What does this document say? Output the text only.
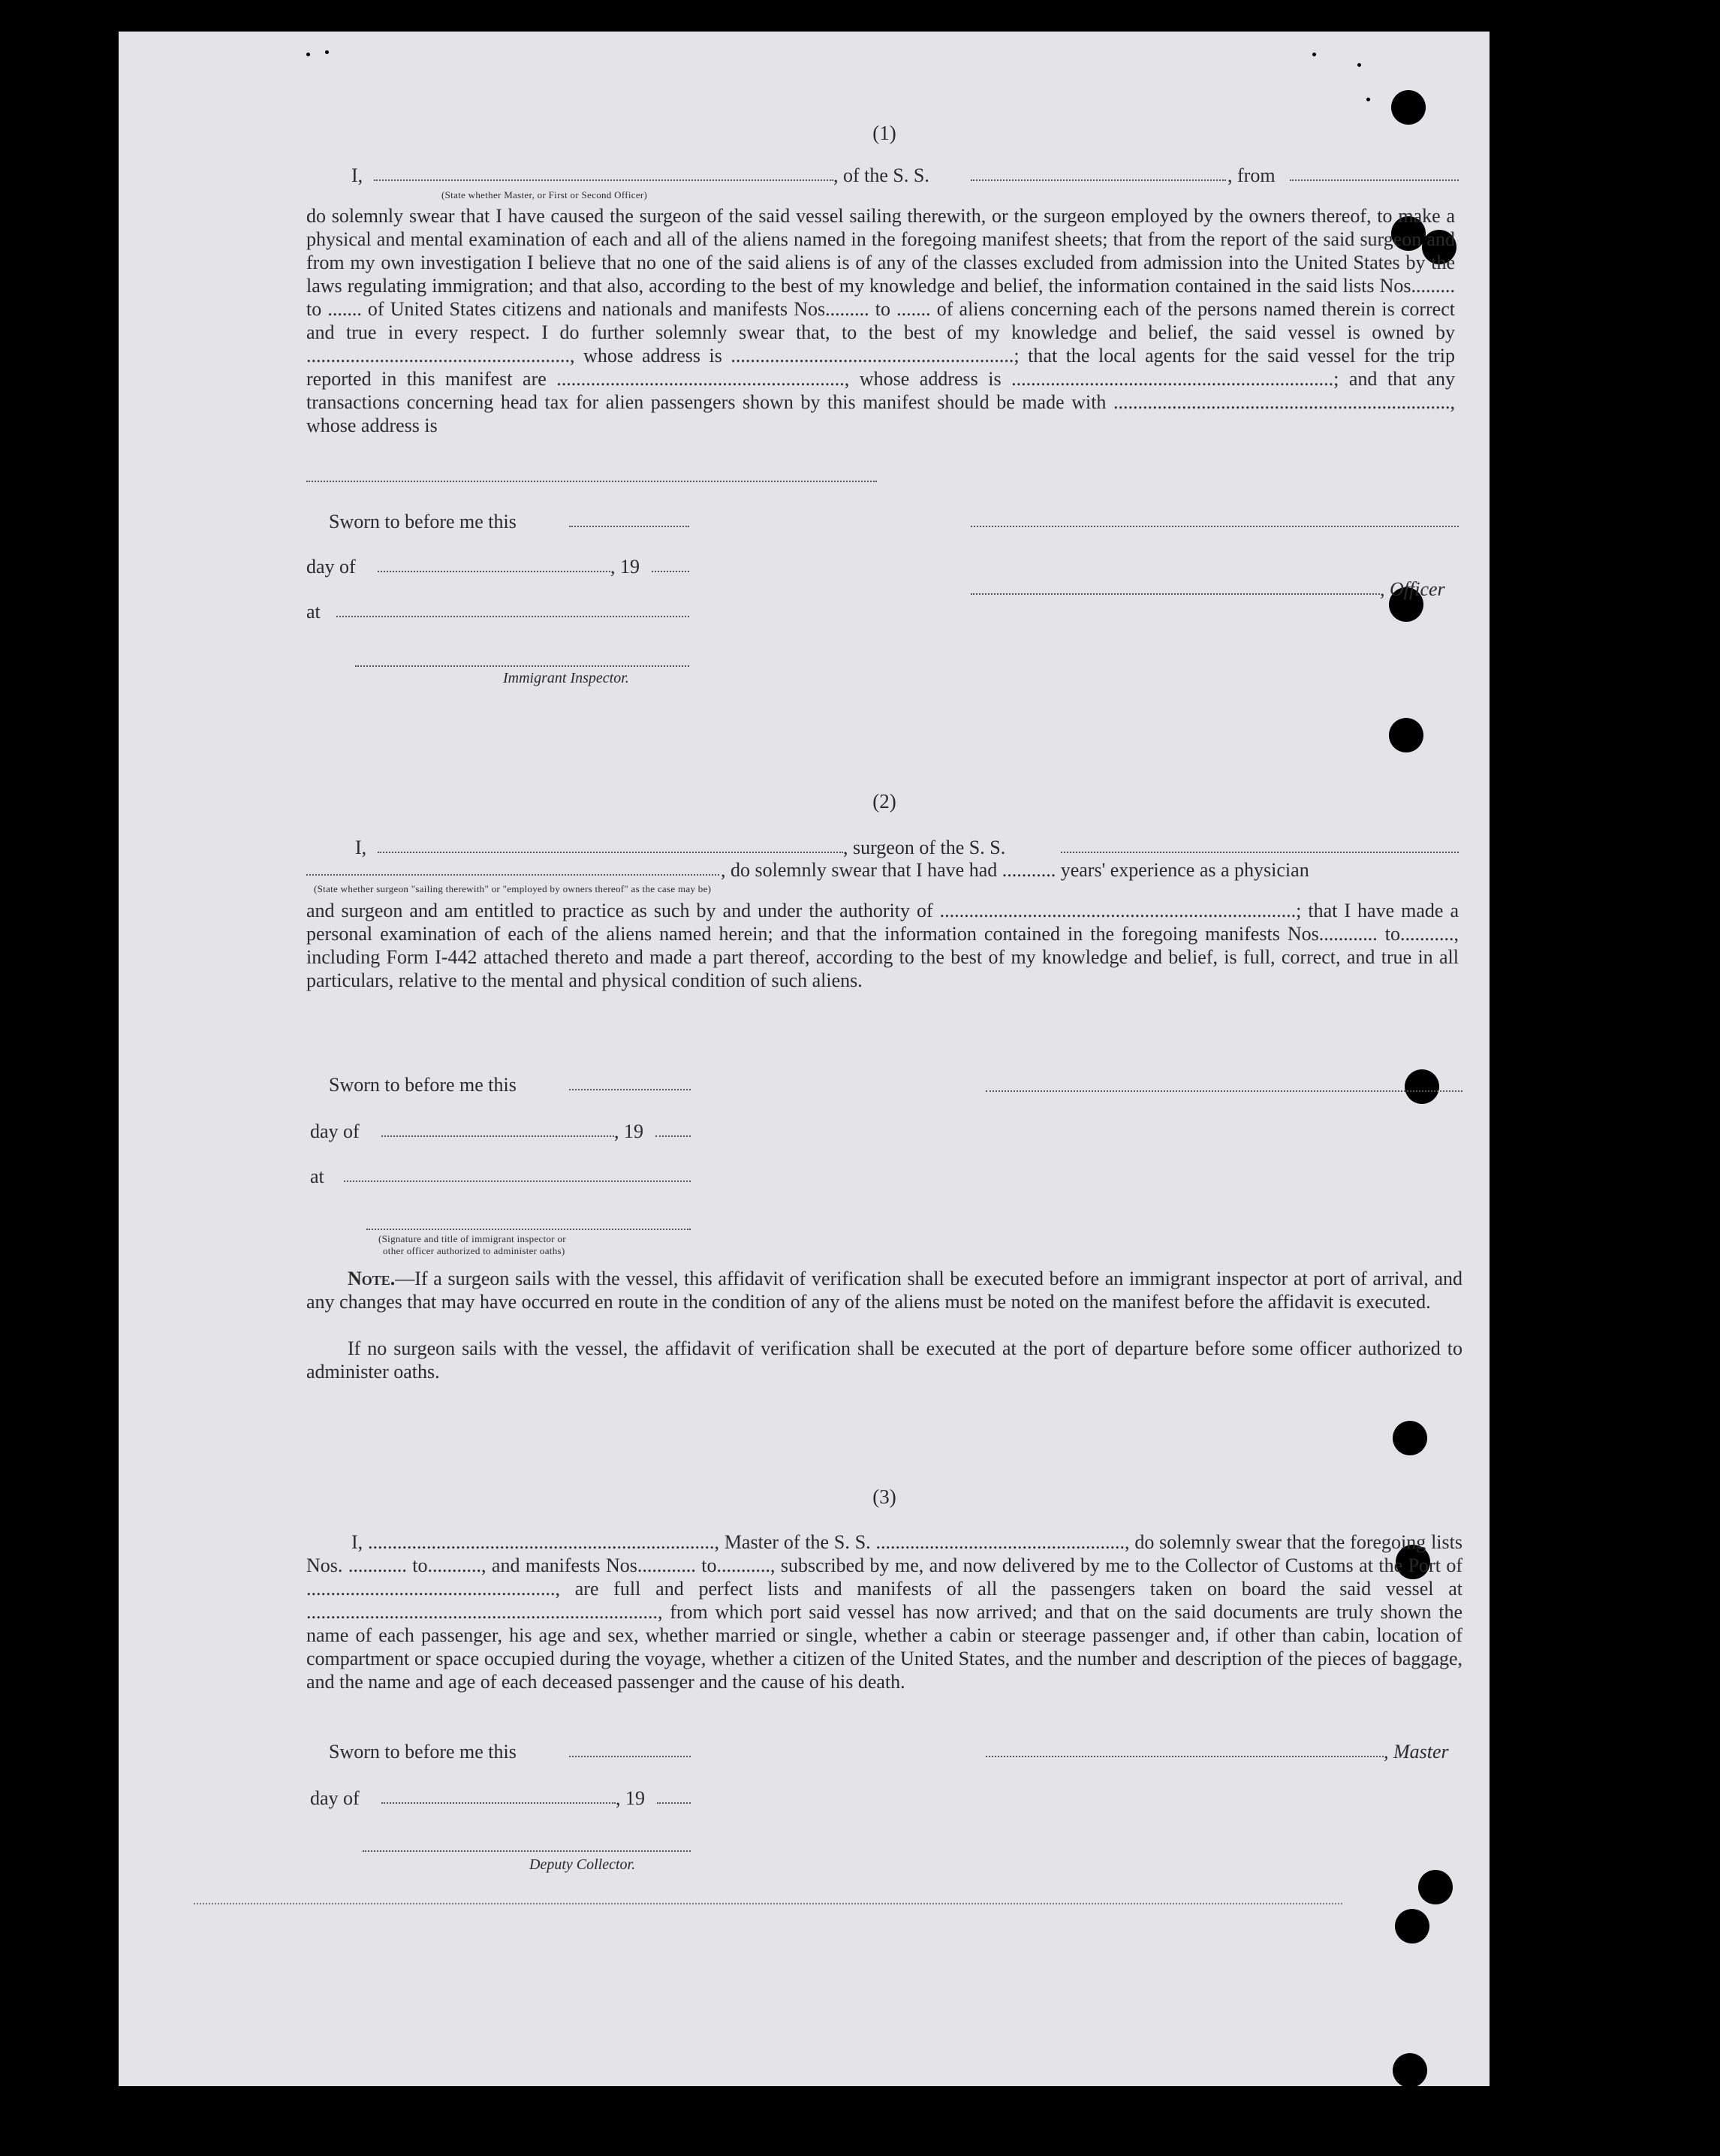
(1)
I,	, of the S. S.	, from
(State whether Master, or First or Second Officer)
do solemnly swear that I have caused the surgeon of the said vessel sailing therewith, or the surgeon employed by the owners thereof, to make a physical and mental examination of each and all of the aliens named in the foregoing manifest sheets; that from the report of the said surgeon and from my own investigation I believe that no one of the said aliens is of any of the classes excluded from admission into the United States by the laws regulating immigration; and that also, according to the best of my knowledge and belief, the information contained in the said lists Nos......... to ....... of United States citizens and nationals and manifests Nos......... to ....... of aliens concerning each of the persons named therein is correct and true in every respect. I do further solemnly swear that, to the best of my knowledge and belief, the said vessel is owned by ......................................................, whose address is ..........................................................; that the local agents for the said vessel for the trip reported in this manifest are ..........................................................., whose address is ..................................................................; and that any transactions concerning head tax for alien passengers shown by this manifest should be made with ....................................................................., whose address is
Sworn to before me this
day of	, 19
, Officer
at
Immigrant Inspector.
(2)
I,	, surgeon of the S. S.
, do solemnly swear that I have had ........... years' experience as a physician
(State whether surgeon "sailing therewith" or "employed by owners thereof" as the case may be)
and surgeon and am entitled to practice as such by and under the authority of .........................................................................; that I have made a personal examination of each of the aliens named herein; and that the information contained in the foregoing manifests Nos............ to..........., including Form I-442 attached thereto and made a part thereof, according to the best of my knowledge and belief, is full, correct, and true in all particulars, relative to the mental and physical condition of such aliens.
Sworn to before me this
day of	, 19
at
(Signature and title of immigrant inspector or
other officer authorized to administer oaths)
Note.—If a surgeon sails with the vessel, this affidavit of verification shall be executed before an immigrant inspector at port of arrival, and any changes that may have occurred en route in the condition of any of the aliens must be noted on the manifest before the affidavit is executed.
If no surgeon sails with the vessel, the affidavit of verification shall be executed at the port of departure before some officer authorized to administer oaths.
(3)
I, ......................................................................., Master of the S. S. ..................................................., do solemnly swear that the foregoing lists Nos. ............ to..........., and manifests Nos............ to..........., subscribed by me, and now delivered by me to the Collector of Customs at the Port of ..................................................., are full and perfect lists and manifests of all the passengers taken on board the said vessel at ........................................................................, from which port said vessel has now arrived; and that on the said documents are truly shown the name of each passenger, his age and sex, whether married or single, whether a cabin or steerage passenger and, if other than cabin, location of compartment or space occupied during the voyage, whether a citizen of the United States, and the number and description of the pieces of baggage, and the name and age of each deceased passenger and the cause of his death.
Sworn to before me this	, Master
day of	, 19
Deputy Collector.
